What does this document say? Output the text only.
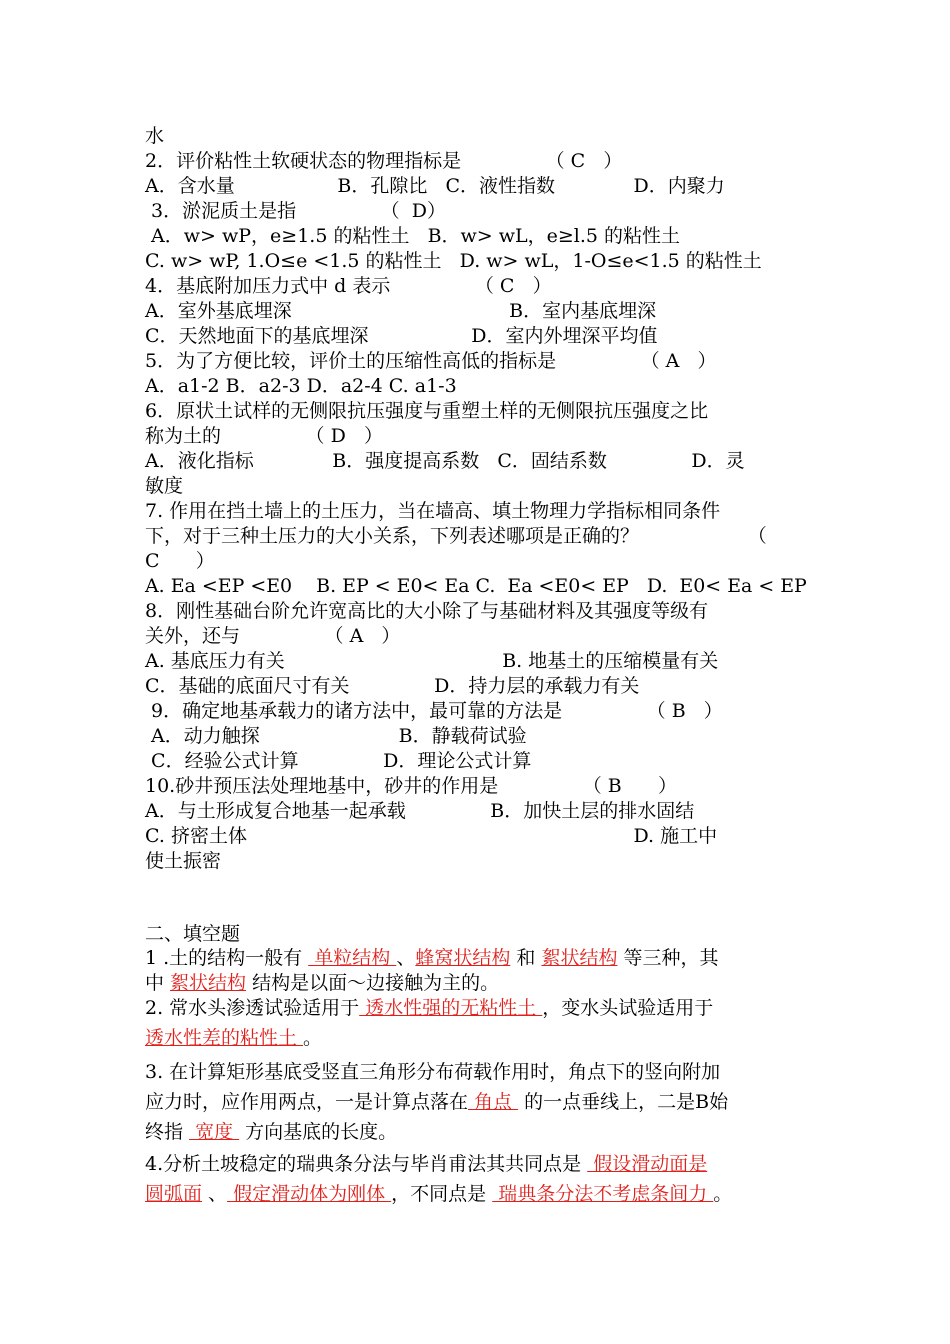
水
2．评价粘性土软硬状态的物理指标是              （ C   ）
A．含水量                 B．孔隙比   C．液性指数             D．内聚力
3．淤泥质土是指              （  D）
A．w> wP，e≥1.5 的粘性土   B．w> wL，e≥l.5 的粘性土
C. w> wP, 1.O≤e <1.5 的粘性土   D. w> wL，1-O≤e<1.5 的粘性土
4．基底附加压力式中 d 表示              （ C   ）
A．室外基底埋深                                    B．室内基底埋深
C．天然地面下的基底埋深                 D．室内外埋深平均值
5．为了方便比较，评价土的压缩性高低的指标是              （ A   ）
A．a1-2 B．a2-3 D．a2-4 C. a1-3
6．原状土试样的无侧限抗压强度与重塑土样的无侧限抗压强度之比
称为土的              （ D   ）
A．液化指标             B．强度提高系数   C．固结系数              D．灵
敏度
7. 作用在挡土墙上的土压力，当在墙高、填土物理力学指标相同条件
下，对于三种土压力的大小关系，下列表述哪项是正确的？                  （
C      ）
A. Ea <EP <E0    B. EP < E0< Ea C.  Ea <E0< EP   D.  E0< Ea < EP
8．刚性基础台阶允许宽高比的大小除了与基础材料及其强度等级有
关外，还与              （ A   ）
A. 基底压力有关                                    B. 地基土的压缩模量有关
C．基础的底面尺寸有关              D．持力层的承载力有关
9．确定地基承载力的诸方法中，最可靠的方法是              （ B   ）
A．动力触探                       B．静载荷试验
C．经验公式计算              D．理论公式计算
10.砂井预压法处理地基中，砂井的作用是              （ B      ）
A．与土形成复合地基一起承载              B．加快土层的排水固结
C. 挤密土体                                                                D. 施工中
使土振密
二、填空题
1 .土的结构一般有  单粒结构 、蜂窝状结构 和 絮状结构 等三种，其
中 絮状结构 结构是以面～边接触为主的。
2. 常水头渗透试验适用于 透水性强的无粘性土 ，变水头试验适用于
透水性差的粘性土 。
3. 在计算矩形基底受竖直三角形分布荷载作用时，角点下的竖向附加
应力时，应作用两点，一是计算点落在 角点  的一点垂线上，二是B始
终指  宽度  方向基底的长度。
4.分析土坡稳定的瑞典条分法与毕肖甫法其共同点是  假设滑动面是
圆弧面 、 假定滑动体为刚体 ，不同点是  瑞典条分法不考虑条间力 。
